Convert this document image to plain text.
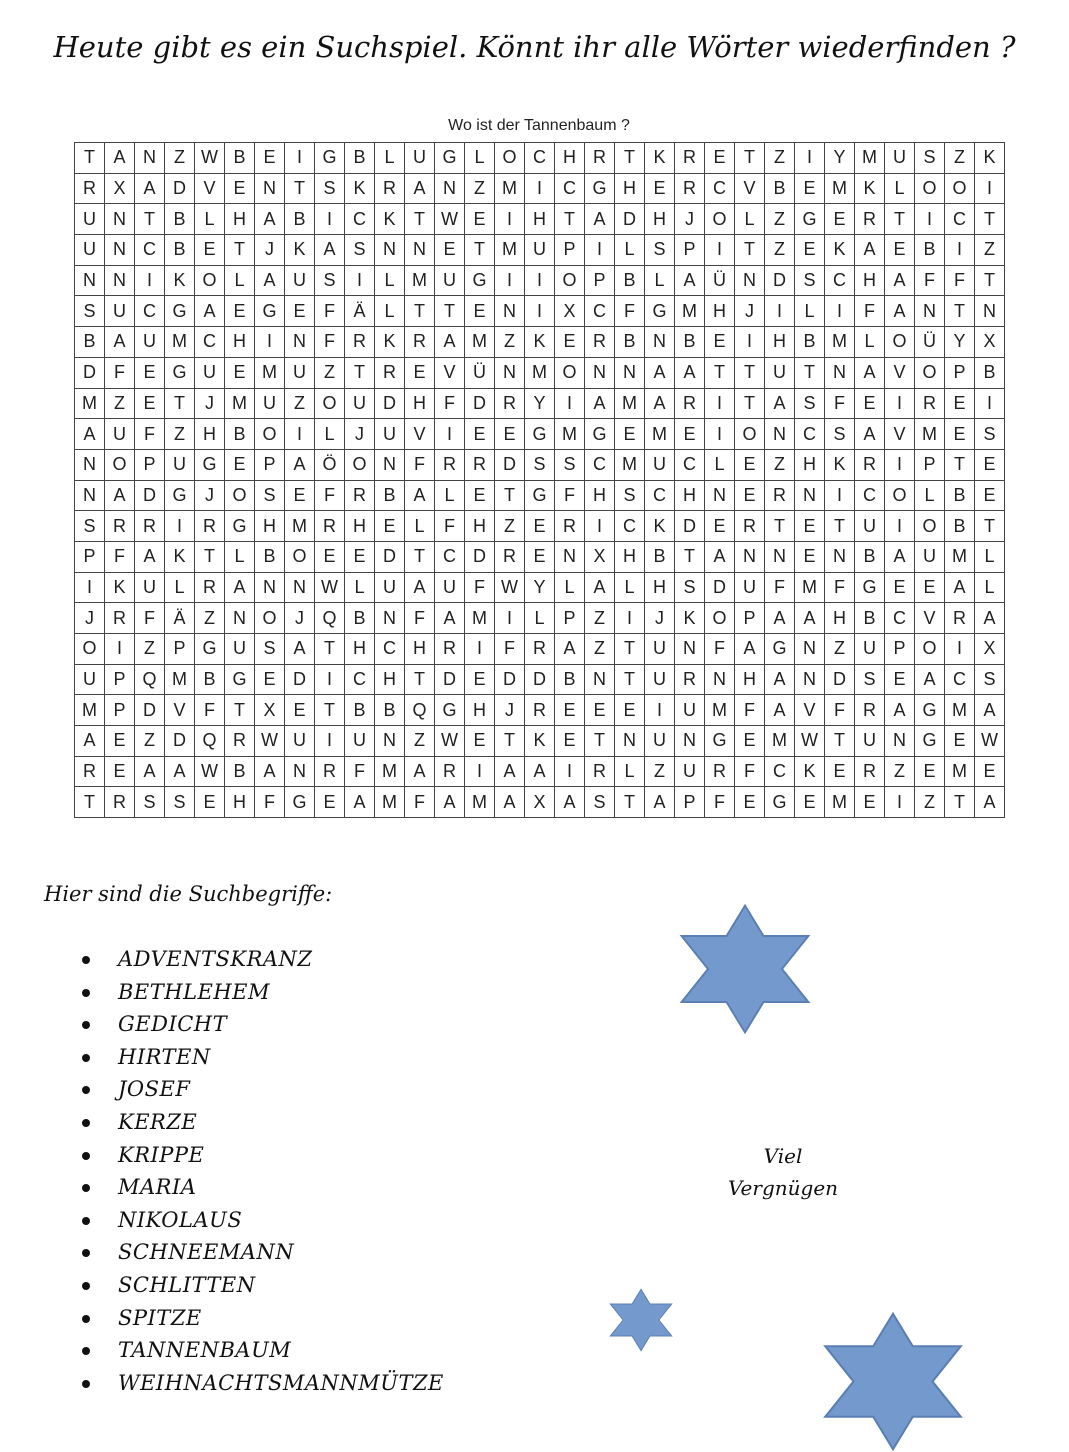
Heute gibt es ein Suchspiel. Könnt ihr alle Wörter wiederfinden ?
Wo ist der Tannenbaum ?
T	A	N	Z	W	B	E	I	G	B	L	U	G	L	O	C	H	R	T	K	R	E	T	Z	I	Y	M	U	S	Z	K
R	X	A	D	V	E	N	T	S	K	R	A	N	Z	M	I	C	G	H	E	R	C	V	B	E	M	K	L	O	O	I
U	N	T	B	L	H	A	B	I	C	K	T	W	E	I	H	T	A	D	H	J	O	L	Z	G	E	R	T	I	C	T
U	N	C	B	E	T	J	K	A	S	N	N	E	T	M	U	P	I	L	S	P	I	T	Z	E	K	A	E	B	I	Z
N	N	I	K	O	L	A	U	S	I	L	M	U	G	I	I	O	P	B	L	A	Ü	N	D	S	C	H	A	F	F	T
S	U	C	G	A	E	G	E	F	Ä	L	T	T	E	N	I	X	C	F	G	M	H	J	I	L	I	F	A	N	T	N
B	A	U	M	C	H	I	N	F	R	K	R	A	M	Z	K	E	R	B	N	B	E	I	H	B	M	L	O	Ü	Y	X
D	F	E	G	U	E	M	U	Z	T	R	E	V	Ü	N	M	O	N	N	A	A	T	T	U	T	N	A	V	O	P	B
M	Z	E	T	J	M	U	Z	O	U	D	H	F	D	R	Y	I	A	M	A	R	I	T	A	S	F	E	I	R	E	I
A	U	F	Z	H	B	O	I	L	J	U	V	I	E	E	G	M	G	E	M	E	I	O	N	C	S	A	V	M	E	S
N	O	P	U	G	E	P	A	Ö	O	N	F	R	R	D	S	S	C	M	U	C	L	E	Z	H	K	R	I	P	T	E
N	A	D	G	J	O	S	E	F	R	B	A	L	E	T	G	F	H	S	C	H	N	E	R	N	I	C	O	L	B	E
S	R	R	I	R	G	H	M	R	H	E	L	F	H	Z	E	R	I	C	K	D	E	R	T	E	T	U	I	O	B	T
P	F	A	K	T	L	B	O	E	E	D	T	C	D	R	E	N	X	H	B	T	A	N	N	E	N	B	A	U	M	L
I	K	U	L	R	A	N	N	W	L	U	A	U	F	W	Y	L	A	L	H	S	D	U	F	M	F	G	E	E	A	L
J	R	F	Ä	Z	N	O	J	Q	B	N	F	A	M	I	L	P	Z	I	J	K	O	P	A	A	H	B	C	V	R	A
O	I	Z	P	G	U	S	A	T	H	C	H	R	I	F	R	A	Z	T	U	N	F	A	G	N	Z	U	P	O	I	X
U	P	Q	M	B	G	E	D	I	C	H	T	D	E	D	D	B	N	T	U	R	N	H	A	N	D	S	E	A	C	S
M	P	D	V	F	T	X	E	T	B	B	Q	G	H	J	R	E	E	E	I	U	M	F	A	V	F	R	A	G	M	A
A	E	Z	D	Q	R	W	U	I	U	N	Z	W	E	T	K	E	T	N	U	N	G	E	M	W	T	U	N	G	E	W
R	E	A	A	W	B	A	N	R	F	M	A	R	I	A	A	I	R	L	Z	U	R	F	C	K	E	R	Z	E	M	E
T	R	S	S	E	H	F	G	E	A	M	F	A	M	A	X	A	S	T	A	P	F	E	G	E	M	E	I	Z	T	A
Hier sind die Suchbegriffe:
ADVENTSKRANZ
BETHLEHEM
GEDICHT
HIRTEN
JOSEF
KERZE
KRIPPE
MARIA
NIKOLAUS
SCHNEEMANN
SCHLITTEN
SPITZE
TANNENBAUM
WEIHNACHTSMANNMÜTZE
Viel
Vergnügen
